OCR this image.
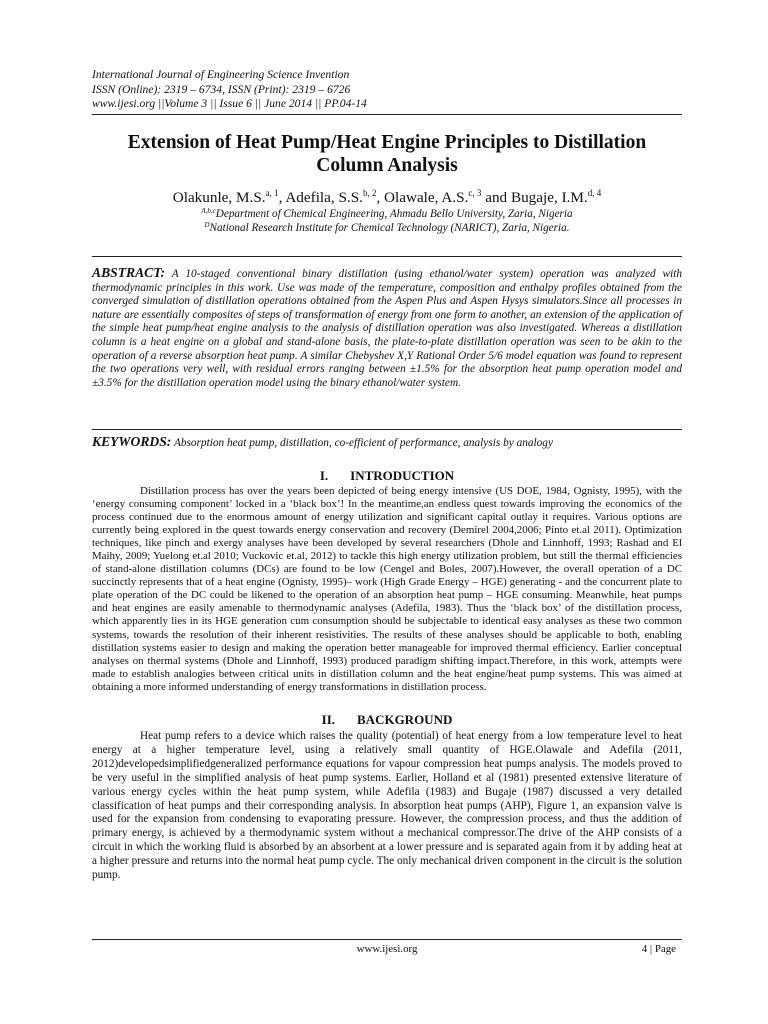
International Journal of Engineering Science Invention
ISSN (Online): 2319 – 6734, ISSN (Print): 2319 – 6726
www.ijesi.org ||Volume 3 || Issue 6 || June 2014 || PP.04-14
Extension of Heat Pump/Heat Engine Principles to Distillation
Column Analysis
Olakunle, M.S.$^{a, 1}$, Adefila, S.S.$^{b, 2}$, Olawale, A.S.$^{c, 3}$ and Bugaje, I.M.$^{d, 4}$
$^{A,b,c}$Department of Chemical Engineering, Ahmadu Bello University, Zaria, Nigeria
$^D$National Research Institute for Chemical Technology (NARICT), Zaria, Nigeria.

ABSTRACT: A 10-staged conventional binary distillation (using ethanol/water system) operation was analyzed with thermodynamic principles in this work. Use was made of the temperature, composition and enthalpy profiles obtained from the converged simulation of distillation operations obtained from the Aspen Plus and Aspen Hysys simulators.Since all processes in nature are essentially composites of steps of transformation of energy from one form to another, an extension of the application of the simple heat pump/heat engine analysis to the analysis of distillation operation was also investigated. Whereas a distillation column is a heat engine on a global and stand-alone basis, the plate-to-plate distillation operation was seen to be akin to the operation of a reverse absorption heat pump. A similar Chebyshev X,Y Rational Order 5/6 model equation was found to represent the two operations very well, with residual errors ranging between ±1.5% for the absorption heat pump operation model and ±3.5% for the distillation operation model using the binary ethanol/water system.

KEYWORDS: Absorption heat pump, distillation, co-efficient of performance, analysis by analogy

I. INTRODUCTION

Distillation process has over the years been depicted of being energy intensive (US DOE, 1984, Ognisty, 1995), with the ‘energy consuming component’ locked in a ‘black box’! In the meantime,an endless quest towards improving the economics of the process continued due to the enormous amount of energy utilization and significant capital outlay it requires. Various options are currently being explored in the quest towards energy conservation and recovery (Demirel 2004,2006; Pinto et.al 2011). Optimization techniques, like pinch and exergy analyses have been developed by several researchers (Dhole and Linnhoff, 1993; Rashad and El Maihy, 2009; Yuelong et.al 2010; Vuckovic et.al, 2012) to tackle this high energy utilization problem, but still the thermal efficiencies of stand-alone distillation columns (DCs) are found to be low (Cengel and Boles, 2007).However, the overall operation of a DC succinctly represents that of a heat engine (Ognisty, 1995)– work (High Grade Energy – HGE) generating - and the concurrent plate to plate operation of the DC could be likened to the operation of an absorption heat pump – HGE consuming. Meanwhile, heat pumps and heat engines are easily amenable to thermodynamic analyses (Adefila, 1983). Thus the ‘black box’ of the distillation process, which apparently lies in its HGE generation cum consumption should be subjectable to identical easy analyses as these two common systems, towards the resolution of their inherent resistivities. The results of these analyses should be applicable to both, enabling distillation systems easier to design and making the operation better manageable for improved thermal efficiency. Earlier conceptual analyses on thermal systems (Dhole and Linnhoff, 1993) produced paradigm shifting impact.Therefore, in this work, attempts were made to establish analogies between critical units in distillation column and the heat engine/heat pump systems. This was aimed at obtaining a more informed understanding of energy transformations in distillation process.

II. BACKGROUND

Heat pump refers to a device which raises the quality (potential) of heat energy from a low temperature level to heat energy at a higher temperature level, using a relatively small quantity of HGE.Olawale and Adefila (2011, 2012)developedsimplifiedgeneralized performance equations for vapour compression heat pumps analysis. The models proved to be very useful in the simplified analysis of heat pump systems. Earlier, Holland et al (1981) presented extensive literature of various energy cycles within the heat pump system, while Adefila (1983) and Bugaje (1987) discussed a very detailed classification of heat pumps and their corresponding analysis. In absorption heat pumps (AHP), Figure 1, an expansion valve is used for the expansion from condensing to evaporating pressure. However, the compression process, and thus the addition of primary energy, is achieved by a thermodynamic system without a mechanical compressor.The drive of the AHP consists of a circuit in which the working fluid is absorbed by an absorbent at a lower pressure and is separated again from it by adding heat at a higher pressure and returns into the normal heat pump cycle. The only mechanical driven component in the circuit is the solution pump.

www.ijesi.org	4 | Page
